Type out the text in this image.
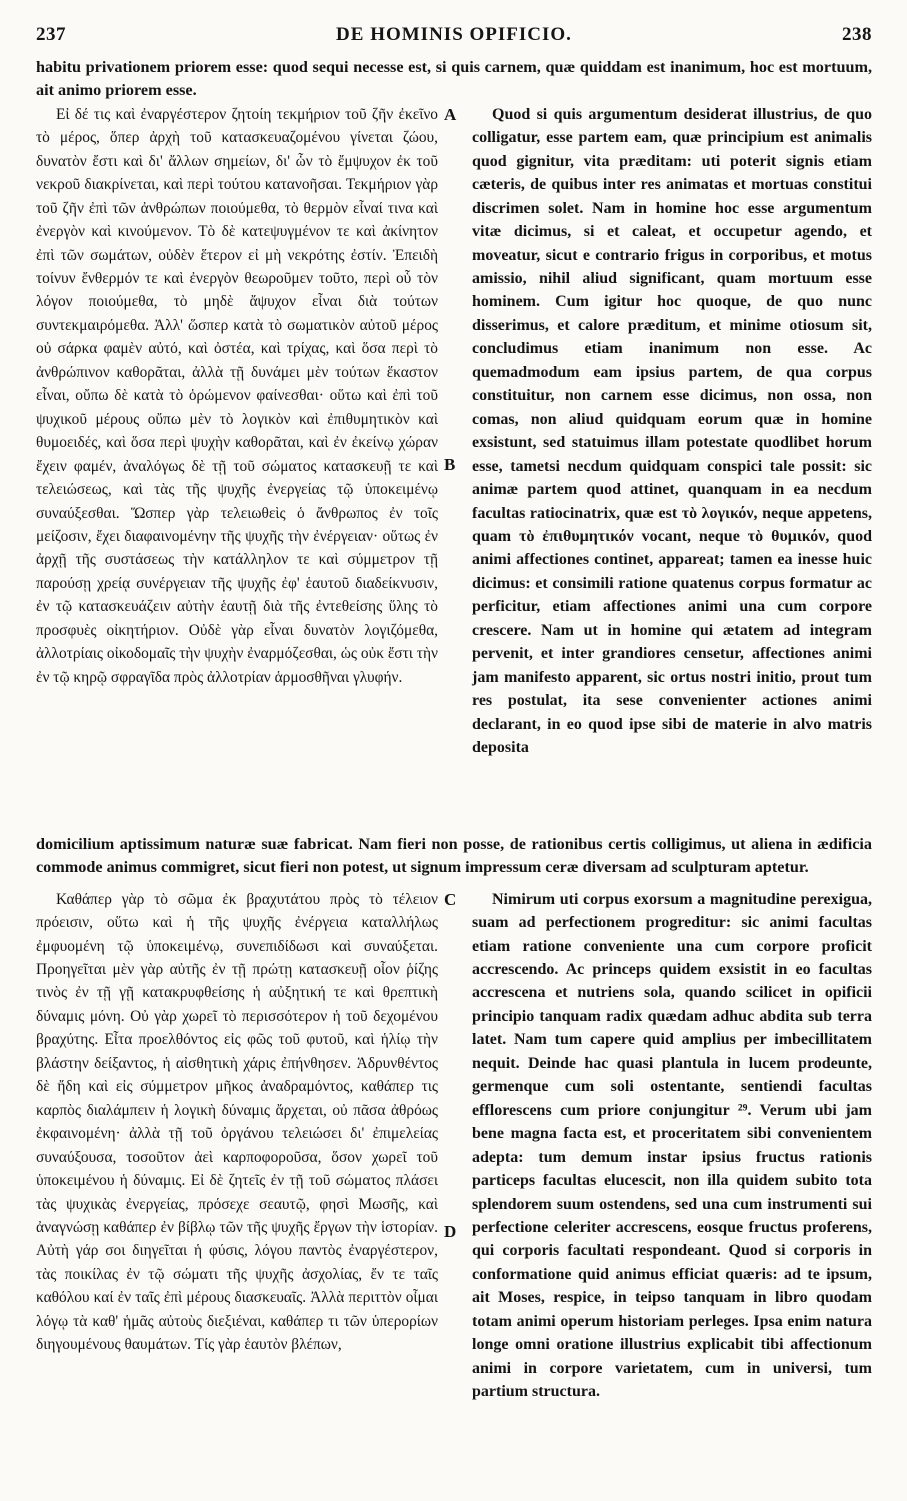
237	DE HOMINIS OPIFICIO.	238
habitu privationem priorem esse: quod sequi necesse est, si quis carnem, quæ quiddam est inanimum, hoc est mortuum, ait animo priorem esse.

Εἰ δέ τις καὶ ἐναργέστερον ζητοίη τεκμήριον τοῦ ζῆν ἐκεῖνο τὸ μέρος, ὅπερ ἀρχὴ τοῦ κατασκευαζομένου γίνεται ζώου, δυνατὸν ἔστι καὶ δι' ἄλλων σημείων, δι' ὧν τὸ ἔμψυχον ἐκ τοῦ νεκροῦ διακρίνεται, καὶ περὶ τούτου κατανοῆσαι. Τεκμήριον γὰρ τοῦ ζῆν ἐπὶ τῶν ἀνθρώπων ποιούμεθα, τὸ θερμὸν εἶναί τινα καὶ ἐνεργὸν καὶ κινούμενον. Τὸ δὲ κατεψυγμένον τε καὶ ἀκίνητον ἐπὶ τῶν σωμάτων, οὐδὲν ἕτερον εἰ μὴ νεκρότης ἐστίν. Ἐπειδὴ τοίνυν ἔνθερμόν τε καὶ ἐνεργὸν θεωροῦμεν τοῦτο, περὶ οὗ τὸν λόγον ποιούμεθα, τὸ μηδὲ ἄψυχον εἶναι διὰ τούτων συντεκμαιρόμεθα. Ἀλλ' ὥσπερ κατὰ τὸ σωματικὸν αὐτοῦ μέρος οὐ σάρκα φαμὲν αὐτό, καὶ ὀστέα, καὶ τρίχας, καὶ ὅσα περὶ τὸ ἀνθρώπινον καθορᾶται, ἀλλὰ τῇ δυνάμει μὲν τούτων ἕκαστον εἶναι, οὔπω δὲ κατὰ τὸ ὁρώμενον φαίνεσθαι· οὕτω καὶ ἐπὶ τοῦ ψυχικοῦ μέρους οὔπω μὲν τὸ λογικὸν καὶ ἐπιθυμητικὸν καὶ θυμοειδές, καὶ ὅσα περὶ ψυχὴν καθορᾶται, καὶ ἐν ἐκείνῳ χώραν ἔχειν φαμέν, ἀναλόγως δὲ τῇ τοῦ σώματος κατασκευῇ τε καὶ τελειώσεως, καὶ τὰς τῆς ψυχῆς ἐνεργείας τῷ ὑποκειμένῳ συναύξεσθαι. Ὥσπερ γὰρ τελειωθεὶς ὁ ἄνθρωπος ἐν τοῖς μείζοσιν, ἔχει διαφαινομένην τῆς ψυχῆς τὴν ἐνέργειαν· οὕτως ἐν ἀρχῇ τῆς συστάσεως τὴν κατάλληλον τε καὶ σύμμετρον τῇ παρούσῃ χρείᾳ συνέργειαν τῆς ψυχῆς ἐφ' ἑαυτοῦ διαδείκνυσιν, ἐν τῷ κατασκευάζειν αὐτὴν ἑαυτῇ διὰ τῆς ἐντεθείσης ὕλης τὸ προσφυὲς οἰκητήριον. Οὐδὲ γὰρ εἶναι δυνατὸν λογιζόμεθα, ἀλλοτρίαις οἰκοδομαῖς τὴν ψυχὴν ἐναρμόζεσθαι, ὡς οὐκ ἔστι τὴν ἐν τῷ κηρῷ σφραγῖδα πρὸς ἀλλοτρίαν ἁρμοσθῆναι γλυφήν.

A
B

Quod si quis argumentum desiderat illustrius, de quo colligatur, esse partem eam, quæ principium est animalis quod gignitur, vita præditam: uti poterit signis etiam cæteris, de quibus inter res animatas et mortuas constitui discrimen solet. Nam in homine hoc esse argumentum vitæ dicimus, si et caleat, et occupetur agendo, et moveatur, sicut e contrario frigus in corporibus, et motus amissio, nihil aliud significant, quam mortuum esse hominem. Cum igitur hoc quoque, de quo nunc disserimus, et calore præditum, et minime otiosum sit, concludimus etiam inanimum non esse. Ac quemadmodum eam ipsius partem, de qua corpus constituitur, non carnem esse dicimus, non ossa, non comas, non aliud quidquam eorum quæ in homine exsistunt, sed statuimus illam potestate quodlibet horum esse, tametsi necdum quidquam conspici tale possit: sic animæ partem quod attinet, quanquam in ea necdum facultas ratiocinatrix, quæ est τὸ λογικόν, neque appetens, quam τὸ ἐπιθυμητικόν vocant, neque τὸ θυμικόν, quod animi affectiones continet, appareat; tamen ea inesse huic dicimus: et consimili ratione quatenus corpus formatur ac perficitur, etiam affectiones animi una cum corpore crescere. Nam ut in homine qui ætatem ad integram pervenit, et inter grandiores censetur, affectiones animi jam manifesto apparent, sic ortus nostri initio, prout tum res postulat, ita sese convenienter actiones animi declarant, in eo quod ipse sibi de materie in alvo matris deposita

domicilium aptissimum naturæ suæ fabricat. Nam fieri non posse, de rationibus certis colligimus, ut aliena in ædificia commode animus commigret, sicut fieri non potest, ut signum impressum ceræ diversam ad sculpturam aptetur.

Καθάπερ γὰρ τὸ σῶμα ἐκ βραχυτάτου πρὸς τὸ τέλειον πρόεισιν, οὕτω καὶ ἡ τῆς ψυχῆς ἐνέργεια καταλλήλως ἐμφυομένη τῷ ὑποκειμένῳ, συνεπιδίδωσι καὶ συναύξεται. Προηγεῖται μὲν γὰρ αὐτῆς ἐν τῇ πρώτῃ κατασκευῇ οἷον ῥίζης τινὸς ἐν τῇ γῇ κατακρυφθείσης ἡ αὐξητική τε καὶ θρεπτικὴ δύναμις μόνη. Οὐ γὰρ χωρεῖ τὸ περισσότερον ἡ τοῦ δεχομένου βραχύτης. Εἶτα προελθόντος εἰς φῶς τοῦ φυτοῦ, καὶ ἡλίῳ τὴν βλάστην δείξαντος, ἡ αἰσθητικὴ χάρις ἐπήνθησεν. Ἁδρυνθέντος δὲ ἤδη καὶ εἰς σύμμετρον μῆκος ἀναδραμόντος, καθάπερ τις καρπὸς διαλάμπειν ἡ λογικὴ δύναμις ἄρχεται, οὐ πᾶσα ἀθρόως ἐκφαινομένη· ἀλλὰ τῇ τοῦ ὀργάνου τελειώσει δι' ἐπιμελείας συναύξουσα, τοσοῦτον ἀεὶ καρποφοροῦσα, ὅσον χωρεῖ τοῦ ὑποκειμένου ἡ δύναμις. Εἰ δὲ ζητεῖς ἐν τῇ τοῦ σώματος πλάσει τὰς ψυχικὰς ἐνεργείας, πρόσεχε σεαυτῷ, φησὶ Μωσῆς, καὶ ἀναγνώσῃ καθάπερ ἐν βίβλῳ τῶν τῆς ψυχῆς ἔργων τὴν ἱστορίαν. Αὐτὴ γάρ σοι διηγεῖται ἡ φύσις, λόγου παντὸς ἐναργέστερον, τὰς ποικίλας ἐν τῷ σώματι τῆς ψυχῆς ἀσχολίας, ἔν τε ταῖς καθόλου καί ἐν ταῖς ἐπὶ μέρους διασκευαῖς. Ἀλλὰ περιττὸν οἶμαι λόγῳ τὰ καθ' ἡμᾶς αὐτοὺς διεξιέναι, καθάπερ τι τῶν ὑπερορίων διηγουμένους θαυμάτων. Τίς γὰρ ἑαυτὸν βλέπων,

C
D

Nimirum uti corpus exorsum a magnitudine perexigua, suam ad perfectionem progreditur: sic animi facultas etiam ratione conveniente una cum corpore proficit accrescendo. Ac princeps quidem exsistit in eo facultas accrescena et nutriens sola, quando scilicet in opificii principio tanquam radix quædam adhuc abdita sub terra latet. Nam tum capere quid amplius per imbecillitatem nequit. Deinde hac quasi plantula in lucem prodeunte, germenque cum soli ostentante, sentiendi facultas efflorescens cum priore conjungitur ²⁹. Verum ubi jam bene magna facta est, et proceritatem sibi convenientem adepta: tum demum instar ipsius fructus rationis particeps facultas elucescit, non illa quidem subito tota splendorem suum ostendens, sed una cum instrumenti sui perfectione celeriter accrescens, eosque fructus proferens, qui corporis facultati respondeant. Quod si corporis in conformatione quid animus efficiat quæris: ad te ipsum, ait Moses, respice, in teipso tanquam in libro quodam totam animi operum historiam perleges. Ipsa enim natura longe omni oratione illustrius explicabit tibi affectionum animi in corpore varietatem, cum in universi, tum partium structura.
